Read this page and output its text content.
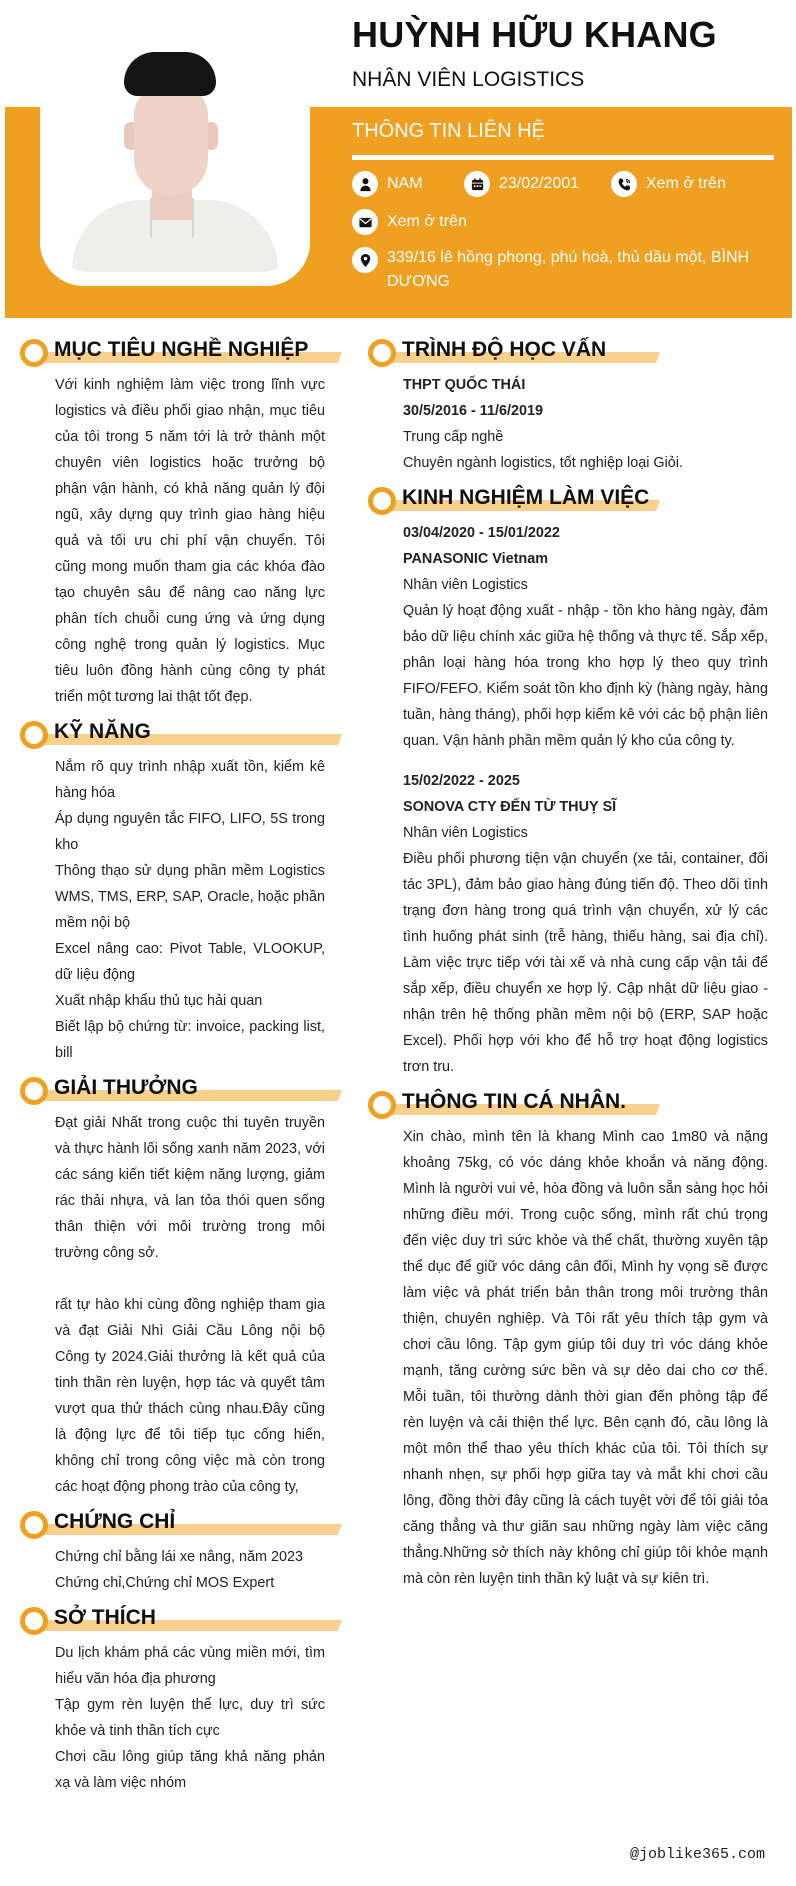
HUỲNH HỮU KHANG
NHÂN VIÊN LOGISTICS
THÔNG TIN LIÊN HỆ
NAM	23/02/2001	Xem ở trên
Xem ở trên
339/16 lê hồng phong, phú hoà, thủ dầu một, BÌNH DƯƠNG
MỤC TIÊU NGHỀ NGHIỆP
Với kinh nghiệm làm việc trong lĩnh vực logistics và điều phối giao nhận, mục tiêu của tôi trong 5 năm tới là trở thành một chuyên viên logistics hoặc trưởng bộ phận vận hành, có khả năng quản lý đội ngũ, xây dựng quy trình giao hàng hiệu quả và tối ưu chi phí vận chuyển. Tôi cũng mong muốn tham gia các khóa đào tạo chuyên sâu để nâng cao năng lực phân tích chuỗi cung ứng và ứng dụng công nghệ trong quản lý logistics. Mục tiêu luôn đồng hành cùng công ty phát triển một tương lai thật tốt đẹp.
KỸ NĂNG
Nắm rõ quy trình nhập xuất tồn, kiểm kê hàng hóa
Áp dụng nguyên tắc FIFO, LIFO, 5S trong kho
Thông thạo sử dụng phần mềm Logistics WMS, TMS, ERP, SAP, Oracle, hoặc phần mềm nội bộ
Excel nâng cao: Pivot Table, VLOOKUP, dữ liệu động
Xuất nhập khẩu thủ tục hải quan
Biết lập bộ chứng từ: invoice, packing list, bill
GIẢI THƯỞNG
Đạt giải Nhất trong cuộc thi tuyên truyền và thực hành lối sống xanh năm 2023, với các sáng kiến tiết kiệm năng lượng, giảm rác thải nhựa, và lan tỏa thói quen sống thân thiện với môi trường trong môi trường công sở.
rất tự hào khi cùng đồng nghiệp tham gia và đạt Giải Nhì Giải Cầu Lông nội bộ Công ty 2024.Giải thưởng là kết quả của tinh thần rèn luyện, hợp tác và quyết tâm vượt qua thử thách cùng nhau.Đây cũng là động lực để tôi tiếp tục cống hiến, không chỉ trong công việc mà còn trong các hoạt động phong trào của công ty,
CHỨNG CHỈ
Chứng chỉ bằng lái xe nâng, năm 2023
Chứng chỉ,Chứng chỉ MOS Expert
SỞ THÍCH
Du lịch khám phá các vùng miền mới, tìm hiểu văn hóa địa phương
Tập gym rèn luyện thể lực, duy trì sức khỏe và tinh thần tích cực
Chơi cầu lông giúp tăng khả năng phản xạ và làm việc nhóm
TRÌNH ĐỘ HỌC VẤN
THPT QUỐC THÁI
30/5/2016 - 11/6/2019
Trung cấp nghề
Chuyên ngành logistics, tốt nghiệp loại Giỏi.
KINH NGHIỆM LÀM VIỆC
03/04/2020 - 15/01/2022
PANASONIC Vietnam
Nhân viên Logistics
Quản lý hoạt động xuất - nhập - tồn kho hàng ngày, đảm bảo dữ liệu chính xác giữa hệ thống và thực tế. Sắp xếp, phân loại hàng hóa trong kho hợp lý theo quy trình FIFO/FEFO. Kiểm soát tồn kho định kỳ (hàng ngày, hàng tuần, hàng tháng), phối hợp kiểm kê với các bộ phận liên quan. Vận hành phần mềm quản lý kho của công ty.
15/02/2022 - 2025
SONOVA CTY ĐẾN TỪ THUỴ SĨ
Nhân viên Logistics
Điều phối phương tiện vận chuyển (xe tải, container, đối tác 3PL), đảm bảo giao hàng đúng tiến độ. Theo dõi tình trạng đơn hàng trong quá trình vận chuyển, xử lý các tình huống phát sinh (trễ hàng, thiếu hàng, sai địa chỉ). Làm việc trực tiếp với tài xế và nhà cung cấp vận tải để sắp xếp, điều chuyển xe hợp lý. Cập nhật dữ liệu giao - nhận trên hệ thống phần mềm nội bộ (ERP, SAP hoặc Excel). Phối hợp với kho để hỗ trợ hoạt động logistics trơn tru.
THÔNG TIN CÁ NHÂN.
Xin chào, mình tên là khang Mình cao 1m80 và nặng khoảng 75kg, có vóc dáng khỏe khoắn và năng động. Mình là người vui vẻ, hòa đồng và luôn sẵn sàng học hỏi những điều mới. Trong cuộc sống, mình rất chú trọng đến việc duy trì sức khỏe và thể chất, thường xuyên tập thể dục để giữ vóc dáng cân đối, Mình hy vọng sẽ được làm việc và phát triển bản thân trong môi trường thân thiện, chuyên nghiệp. Và Tôi rất yêu thích tập gym và chơi cầu lông. Tập gym giúp tôi duy trì vóc dáng khỏe mạnh, tăng cường sức bền và sự dẻo dai cho cơ thể. Mỗi tuần, tôi thường dành thời gian đến phòng tập để rèn luyện và cải thiện thể lực. Bên cạnh đó, cầu lông là một môn thể thao yêu thích khác của tôi. Tôi thích sự nhanh nhẹn, sự phối hợp giữa tay và mắt khi chơi cầu lông, đồng thời đây cũng là cách tuyệt vời để tôi giải tỏa căng thẳng và thư giãn sau những ngày làm việc căng thẳng.Những sở thích này không chỉ giúp tôi khỏe mạnh mà còn rèn luyện tinh thần kỷ luật và sự kiên trì.
@joblike365.com
